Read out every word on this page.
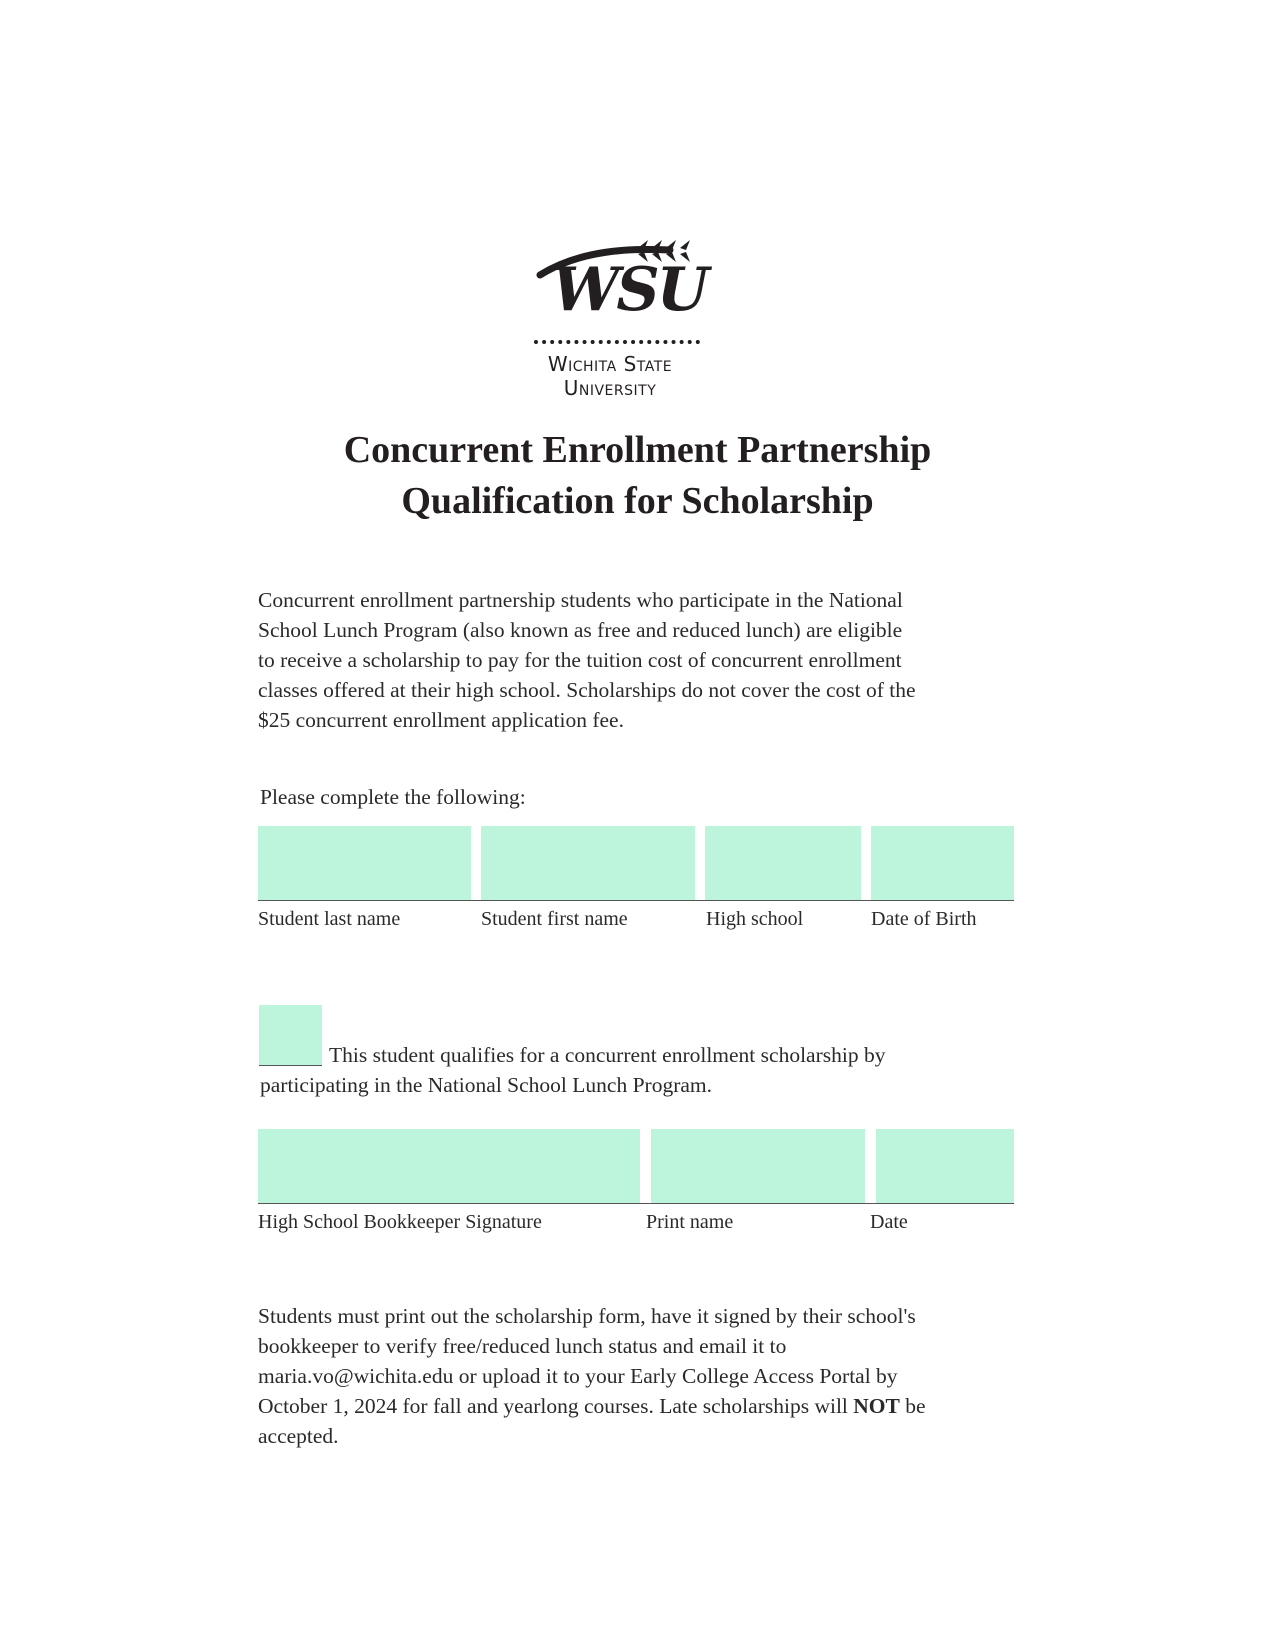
WSU
Wichita State
University
Concurrent Enrollment Partnership
Qualification for Scholarship
Concurrent enrollment partnership students who participate in the National
School Lunch Program (also known as free and reduced lunch) are eligible
to receive a scholarship to pay for the tuition cost of concurrent enrollment
classes offered at their high school. Scholarships do not cover the cost of the
$25 concurrent enrollment application fee.
Please complete the following:
Student last name	Student first name	High school	Date of Birth
This student qualifies for a concurrent enrollment scholarship by
participating in the National School Lunch Program.
High School Bookkeeper Signature	Print name	Date
Students must print out the scholarship form, have it signed by their school's
bookkeeper to verify free/reduced lunch status and email it to
maria.vo@wichita.edu or upload it to your Early College Access Portal by
October 1, 2024 for fall and yearlong courses. Late scholarships will NOT be
accepted.
